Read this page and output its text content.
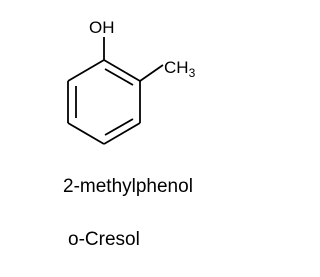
OH
$CH_3$
2-methylphenol
o-Cresol
